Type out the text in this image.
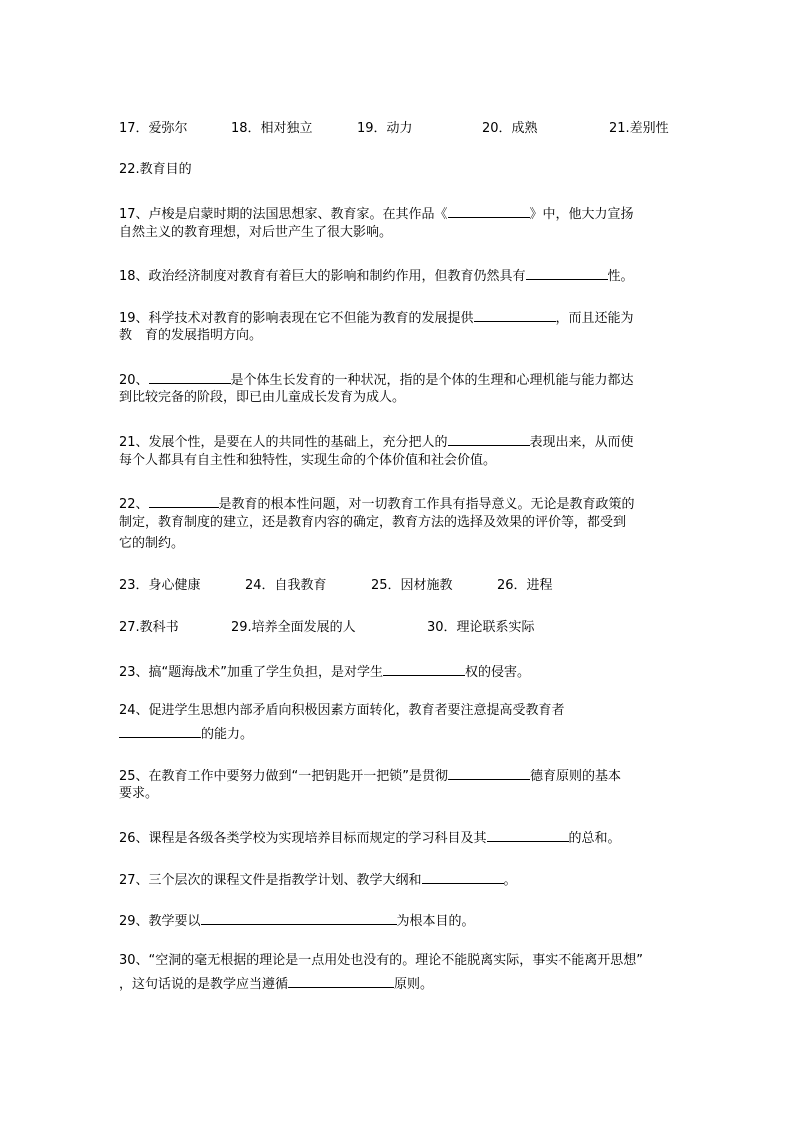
17．爱弥尔	18．相对独立	19．动力	20．成熟	21.差别性
22.教育目的
17、卢梭是启蒙时期的法国思想家、教育家。在其作品《	》中，他大力宣扬
自然主义的教育理想，对后世产生了很大影响。
18、政治经济制度对教育有着巨大的影响和制约作用，但教育仍然具有	性。
19、科学技术对教育的影响表现在它不但能为教育的发展提供	，而且还能为
教　育的发展指明方向。
20、	是个体生长发育的一种状况，指的是个体的生理和心理机能与能力都达
到比较完备的阶段，即已由儿童成长发育为成人。
21、发展个性，是要在人的共同性的基础上，充分把人的	表现出来，从而使
每个人都具有自主性和独特性，实现生命的个体价值和社会价值。
22、	是教育的根本性问题，对一切教育工作具有指导意义。无论是教育政策的
制定，教育制度的建立，还是教育内容的确定，教育方法的选择及效果的评价等，都受到
它的制约。
23．身心健康	24．自我教育	25．因材施教	26．进程
27.教科书	29.培养全面发展的人	30．理论联系实际
23、搞“题海战术”加重了学生负担，是对学生	权的侵害。
24、促进学生思想内部矛盾向积极因素方面转化，教育者要注意提高受教育者
的能力。
25、在教育工作中要努力做到“一把钥匙开一把锁”是贯彻	德育原则的基本
要求。
26、课程是各级各类学校为实现培养目标而规定的学习科目及其	的总和。
27、三个层次的课程文件是指教学计划、教学大纲和	。
29、教学要以	为根本目的。
30、“空洞的毫无根据的理论是一点用处也没有的。理论不能脱离实际，事实不能离开思想”
，这句话说的是教学应当遵循	原则。
